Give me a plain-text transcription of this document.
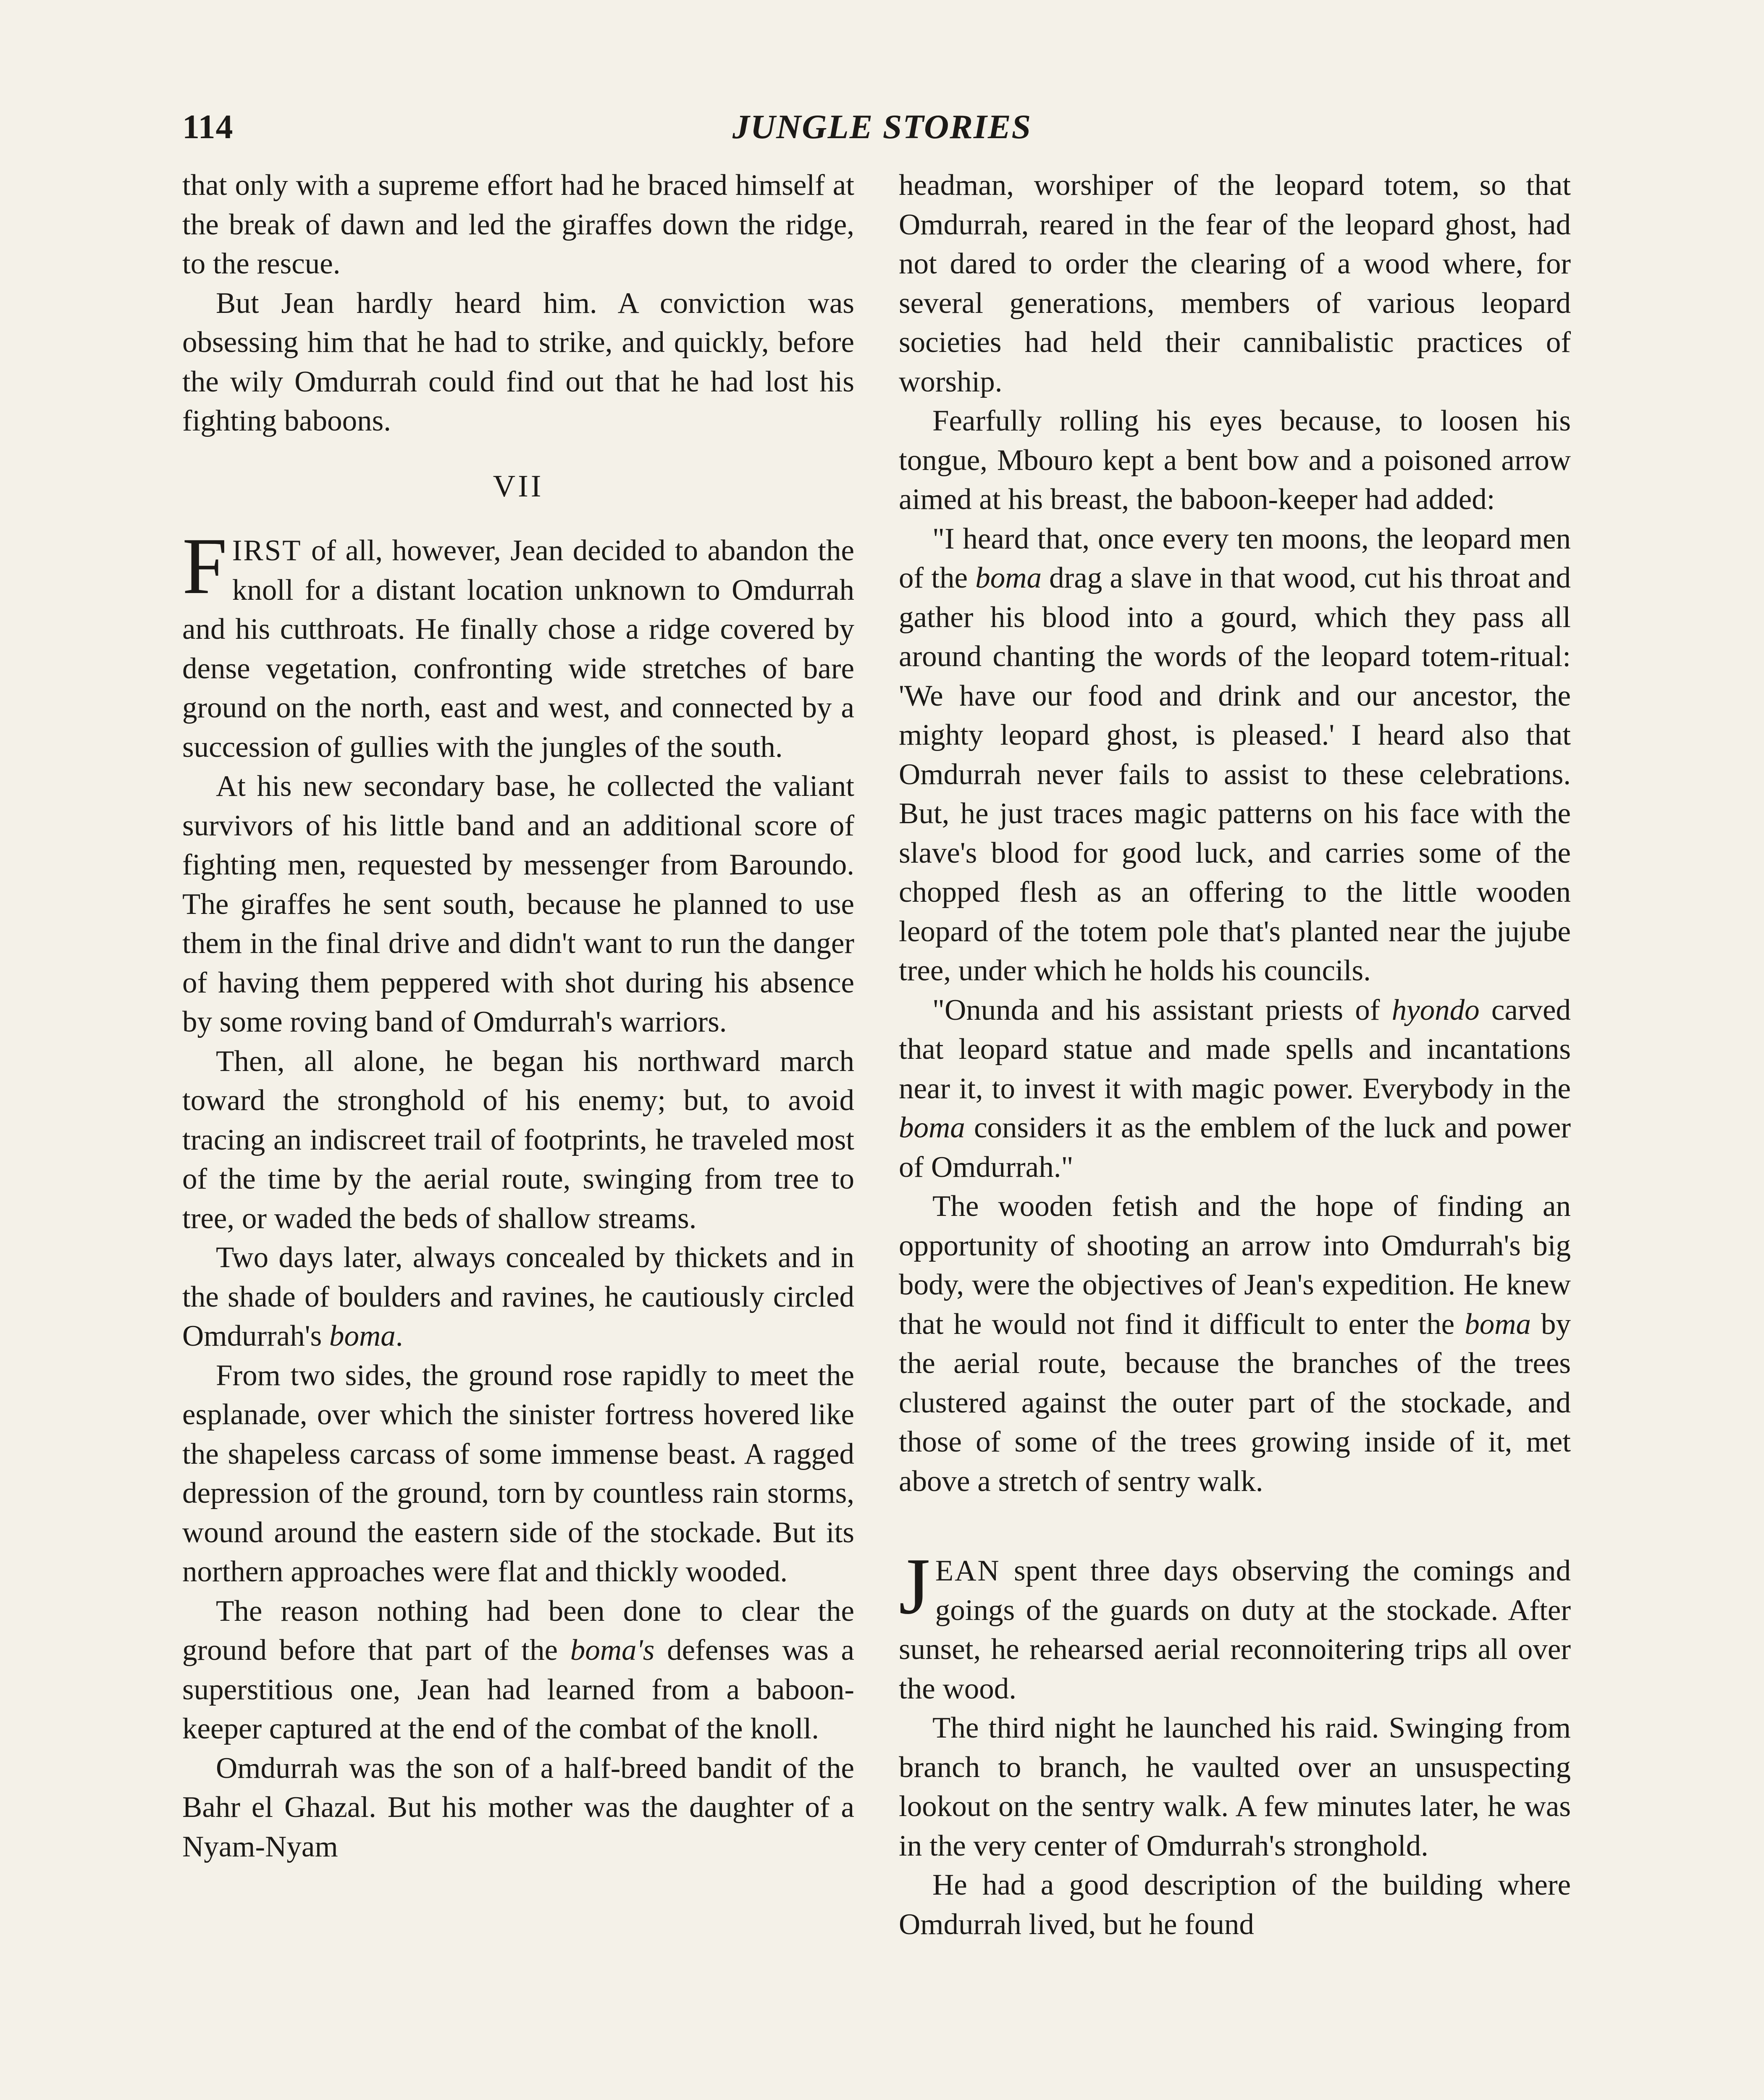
114	JUNGLE STORIES

that only with a supreme effort had he braced himself at the break of dawn and led the giraffes down the ridge, to the rescue.

But Jean hardly heard him. A conviction was obsessing him that he had to strike, and quickly, before the wily Omdurrah could find out that he had lost his fighting baboons.

VII

FIRST of all, however, Jean decided to abandon the knoll for a distant location unknown to Omdurrah and his cutthroats. He finally chose a ridge covered by dense vegetation, confronting wide stretches of bare ground on the north, east and west, and connected by a succession of gullies with the jungles of the south.

At his new secondary base, he collected the valiant survivors of his little band and an additional score of fighting men, requested by messenger from Baroundo. The giraffes he sent south, because he planned to use them in the final drive and didn't want to run the danger of having them peppered with shot during his absence by some roving band of Omdurrah's warriors.

Then, all alone, he began his northward march toward the stronghold of his enemy; but, to avoid tracing an indiscreet trail of footprints, he traveled most of the time by the aerial route, swinging from tree to tree, or waded the beds of shallow streams.

Two days later, always concealed by thickets and in the shade of boulders and ravines, he cautiously circled Omdurrah's boma.

From two sides, the ground rose rapidly to meet the esplanade, over which the sinister fortress hovered like the shapeless carcass of some immense beast. A ragged depression of the ground, torn by countless rain storms, wound around the eastern side of the stockade. But its northern approaches were flat and thickly wooded.

The reason nothing had been done to clear the ground before that part of the boma's defenses was a superstitious one, Jean had learned from a baboon-keeper captured at the end of the combat of the knoll.

Omdurrah was the son of a half-breed bandit of the Bahr el Ghazal. But his mother was the daughter of a Nyam-Nyam

headman, worshiper of the leopard totem, so that Omdurrah, reared in the fear of the leopard ghost, had not dared to order the clearing of a wood where, for several generations, members of various leopard societies had held their cannibalistic practices of worship.

Fearfully rolling his eyes because, to loosen his tongue, Mbouro kept a bent bow and a poisoned arrow aimed at his breast, the baboon-keeper had added:

"I heard that, once every ten moons, the leopard men of the boma drag a slave in that wood, cut his throat and gather his blood into a gourd, which they pass all around chanting the words of the leopard totem-ritual: 'We have our food and drink and our ancestor, the mighty leopard ghost, is pleased.' I heard also that Omdurrah never fails to assist to these celebrations. But, he just traces magic patterns on his face with the slave's blood for good luck, and carries some of the chopped flesh as an offering to the little wooden leopard of the totem pole that's planted near the jujube tree, under which he holds his councils.

"Onunda and his assistant priests of hyondo carved that leopard statue and made spells and incantations near it, to invest it with magic power. Everybody in the boma considers it as the emblem of the luck and power of Omdurrah."

The wooden fetish and the hope of finding an opportunity of shooting an arrow into Omdurrah's big body, were the objectives of Jean's expedition. He knew that he would not find it difficult to enter the boma by the aerial route, because the branches of the trees clustered against the outer part of the stockade, and those of some of the trees growing inside of it, met above a stretch of sentry walk.

JEAN spent three days observing the comings and goings of the guards on duty at the stockade. After sunset, he rehearsed aerial reconnoitering trips all over the wood.

The third night he launched his raid. Swinging from branch to branch, he vaulted over an unsuspecting lookout on the sentry walk. A few minutes later, he was in the very center of Omdurrah's stronghold.

He had a good description of the building where Omdurrah lived, but he found
